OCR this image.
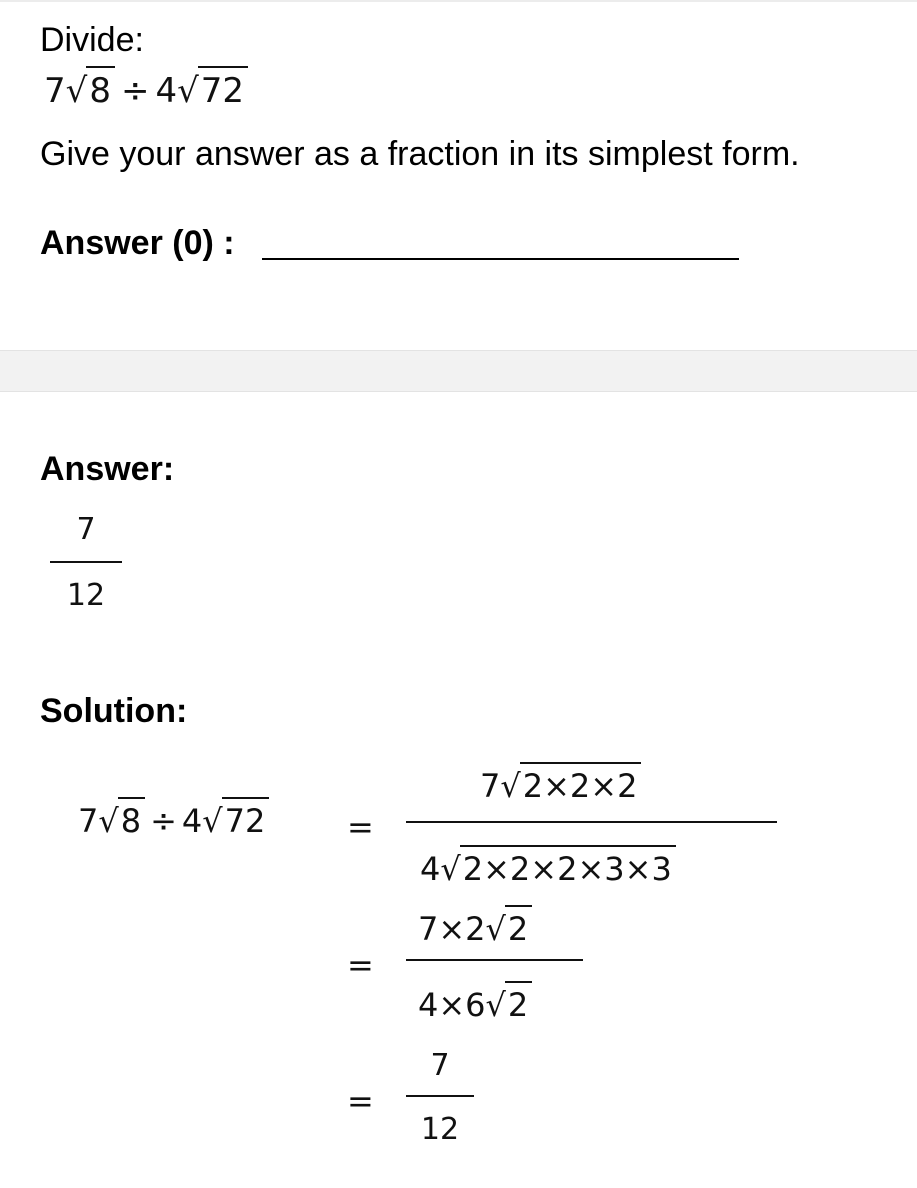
Divide:
7 √ 8 ÷ 4 √ 72
Give your answer as a fraction in its simplest form.
Answer (0) :
Answer:
7
12
Solution:
7 √ 8 ÷ 4 √ 72	=
7 √ 2×2×2
4 √ 2×2×2×3×3
=
7×2 √ 2
4×6 √ 2
=
7
12
